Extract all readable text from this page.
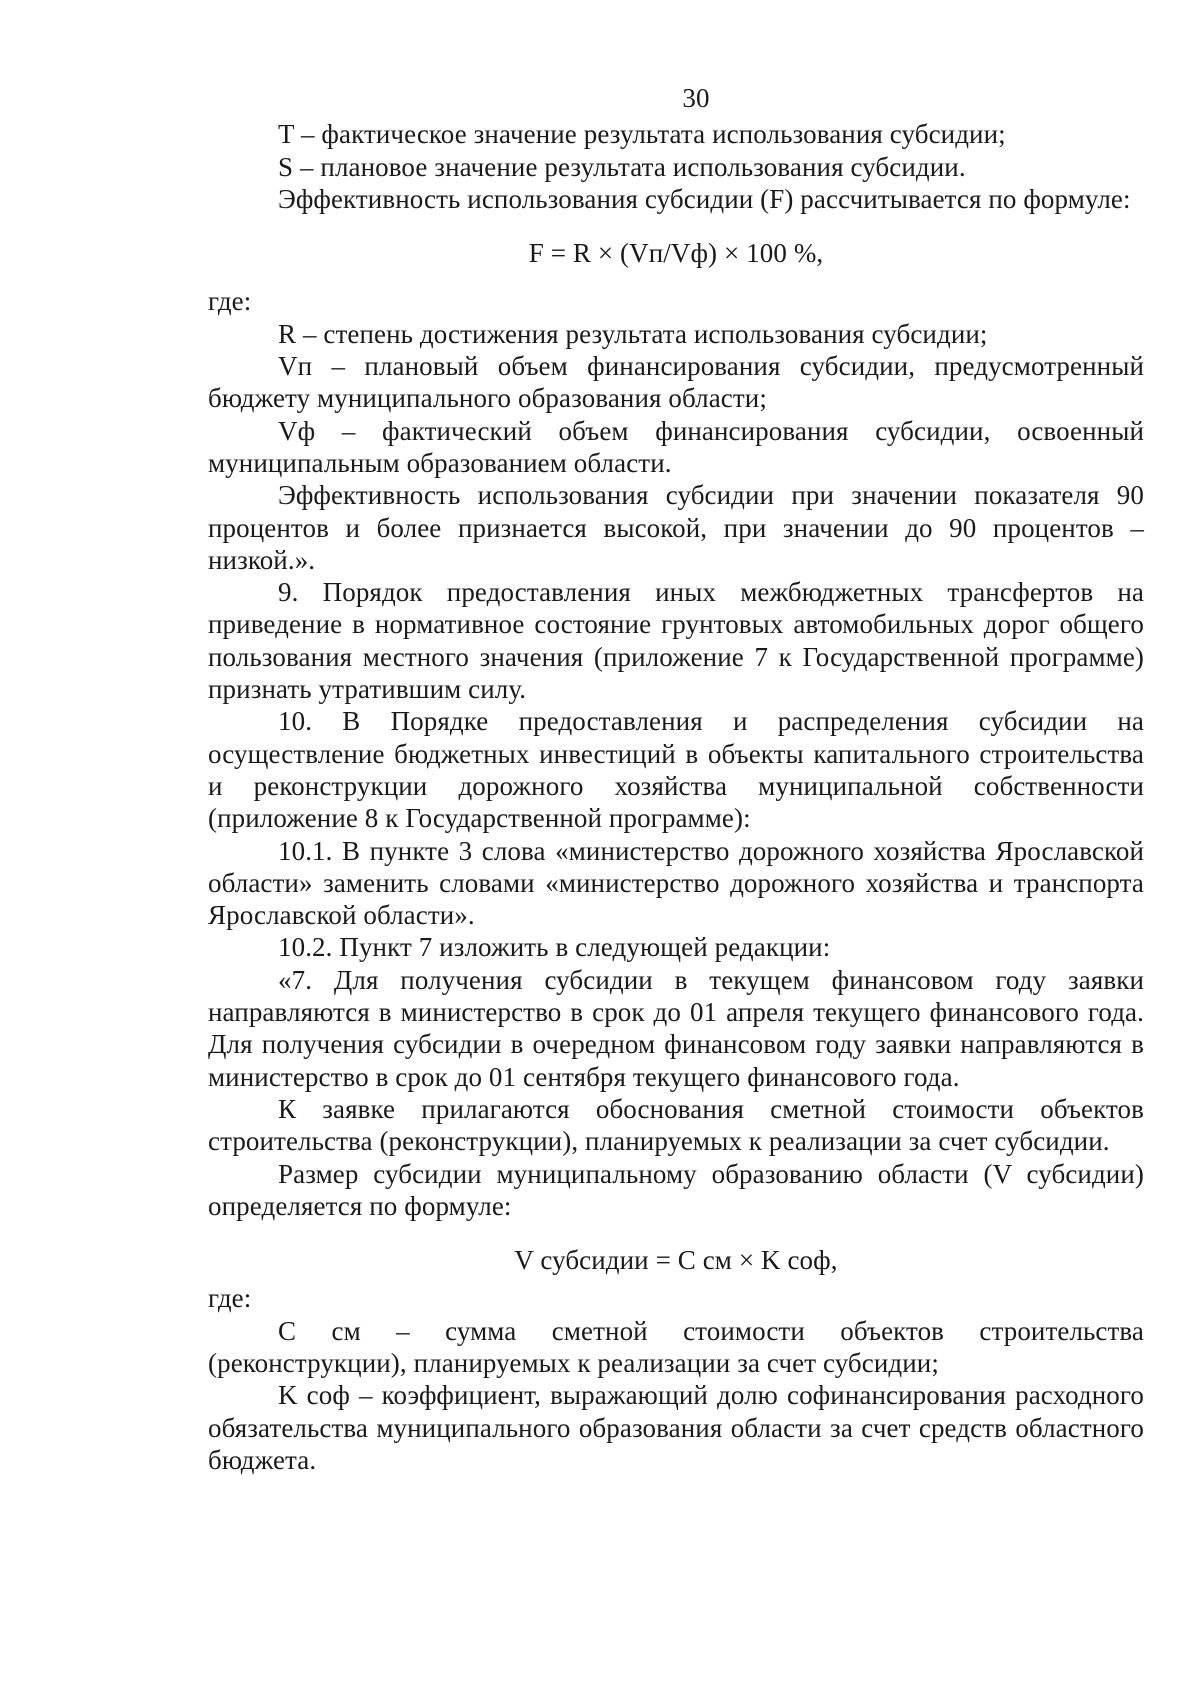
30

T – фактическое значение результата использования субсидии;

S – плановое значение результата использования субсидии.

Эффективность использования субсидии (F) рассчитывается по формуле:

F = R × (Vп/Vф) × 100 %,

где:

R – степень достижения результата использования субсидии;

Vп – плановый объем финансирования субсидии, предусмотренный бюджету муниципального образования области;

Vф – фактический объем финансирования субсидии, освоенный муниципальным образованием области.

Эффективность использования субсидии при значении показателя 90 процентов и более признается высокой, при значении до 90 процентов – низкой.».

9. Порядок предоставления иных межбюджетных трансфертов на приведение в нормативное состояние грунтовых автомобильных дорог общего пользования местного значения (приложение 7 к Государственной программе) признать утратившим силу.

10. В Порядке предоставления и распределения субсидии на осуществление бюджетных инвестиций в объекты капитального строительства и реконструкции дорожного хозяйства муниципальной собственности (приложение 8 к Государственной программе):

10.1. В пункте 3 слова «министерство дорожного хозяйства Ярославской области» заменить словами «министерство дорожного хозяйства и транспорта Ярославской области».

10.2. Пункт 7 изложить в следующей редакции:

«7. Для получения субсидии в текущем финансовом году заявки направляются в министерство в срок до 01 апреля текущего финансового года. Для получения субсидии в очередном финансовом году заявки направляются в министерство в срок до 01 сентября текущего финансового года.

К заявке прилагаются обоснования сметной стоимости объектов строительства (реконструкции), планируемых к реализации за счет субсидии.

Размер субсидии муниципальному образованию области (V субсидии) определяется по формуле:

V субсидии = C см × K соф,

где:

C см – сумма сметной стоимости объектов строительства (реконструкции), планируемых к реализации за счет субсидии;

K соф – коэффициент, выражающий долю софинансирования расходного обязательства муниципального образования области за счет средств областного бюджета.
